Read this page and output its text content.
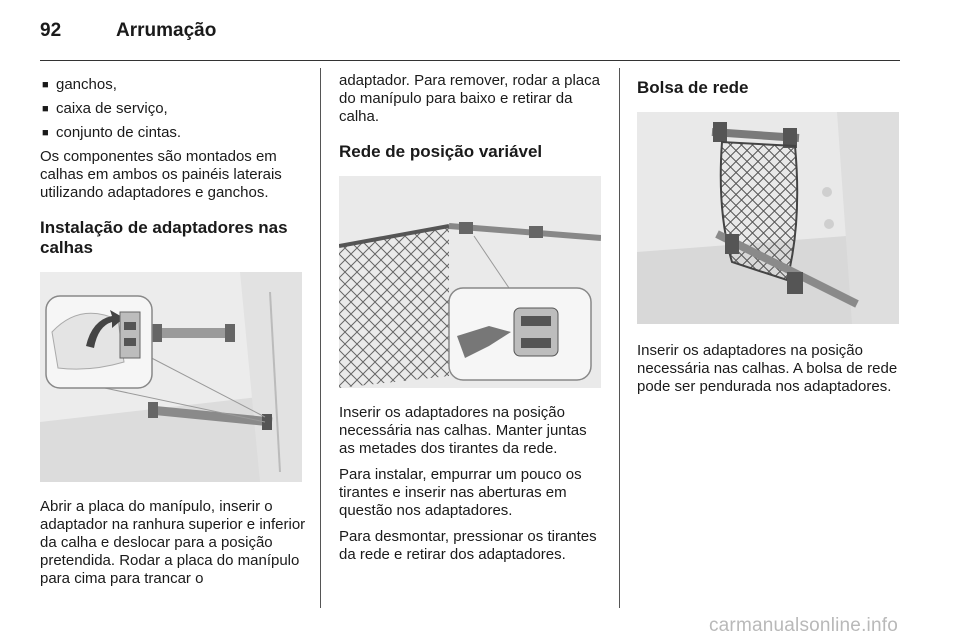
92	Arrumação
■ ganchos,
■ caixa de serviço,
■ conjunto de cintas.

Os componentes são montados em calhas em ambos os painéis laterais utilizando adaptadores e ganchos.

Instalação de adaptadores nas calhas

Abrir a placa do manípulo, inserir o adaptador na ranhura superior e inferior da calha e deslocar para a posição pretendida. Rodar a placa do manípulo para cima para trancar o

adaptador. Para remover, rodar a placa do manípulo para baixo e retirar da calha.

Rede de posição variável

Inserir os adaptadores na posição necessária nas calhas. Manter juntas as metades dos tirantes da rede.

Para instalar, empurrar um pouco os tirantes e inserir nas aberturas em questão nos adaptadores.

Para desmontar, pressionar os tirantes da rede e retirar dos adaptadores.

Bolsa de rede

Inserir os adaptadores na posição necessária nas calhas. A bolsa de rede pode ser pendurada nos adaptadores.

carmanualsonline.info
